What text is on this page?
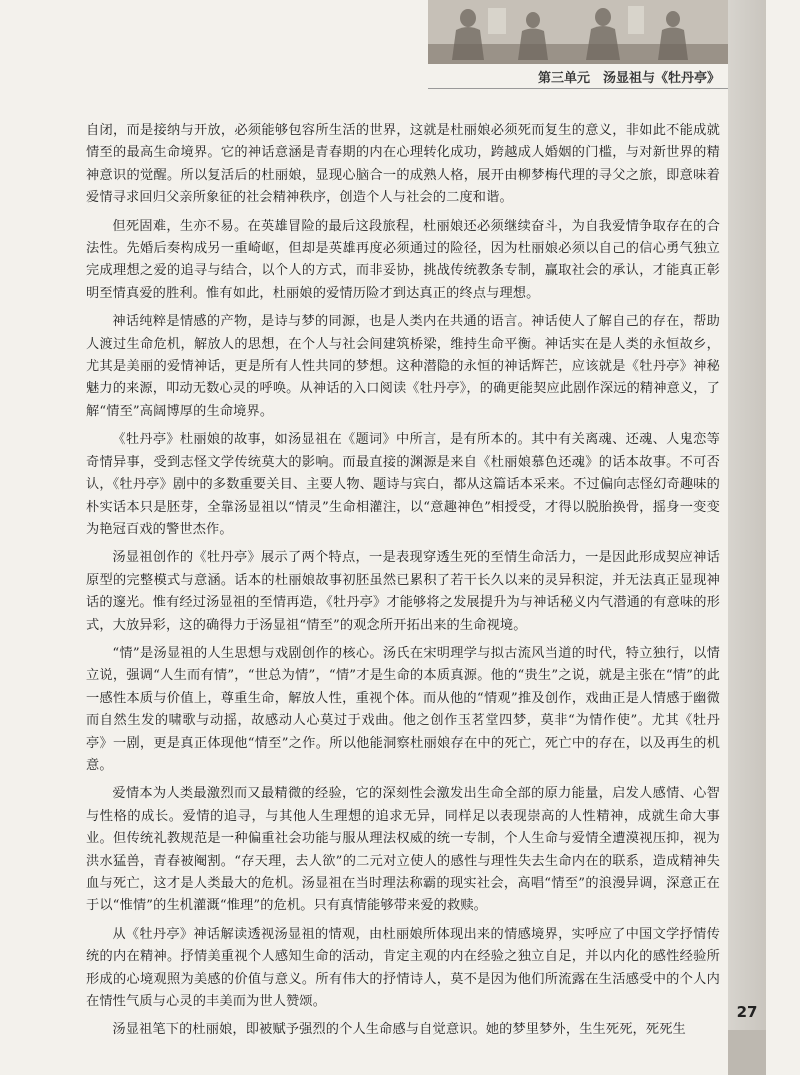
第三单元　汤显祖与《牡丹亭》

自闭，而是接纳与开放，必须能够包容所生活的世界，这就是杜丽娘必须死而复生的意义，非如此不能成就情至的最高生命境界。它的神话意涵是青春期的内在心理转化成功，跨越成人婚姻的门槛，与对新世界的精神意识的觉醒。所以复活后的杜丽娘，显现心脑合一的成熟人格，展开由柳梦梅代理的寻父之旅，即意味着爱情寻求回归父亲所象征的社会精神秩序，创造个人与社会的二度和谐。

但死固难，生亦不易。在英雄冒险的最后这段旅程，杜丽娘还必须继续奋斗，为自我爱情争取存在的合法性。先婚后奏构成另一重崎岖，但却是英雄再度必须通过的险径，因为杜丽娘必须以自己的信心勇气独立完成理想之爱的追寻与结合，以个人的方式，而非妥协，挑战传统教条专制，赢取社会的承认，才能真正彰明至情真爱的胜利。惟有如此，杜丽娘的爱情历险才到达真正的终点与理想。

神话纯粹是情感的产物，是诗与梦的同源，也是人类内在共通的语言。神话使人了解自己的存在，帮助人渡过生命危机，解放人的思想，在个人与社会间建筑桥梁，维持生命平衡。神话实在是人类的永恒故乡，尤其是美丽的爱情神话，更是所有人性共同的梦想。这种潜隐的永恒的神话辉芒，应该就是《牡丹亭》神秘魅力的来源，叩动无数心灵的呼唤。从神话的入口阅读《牡丹亭》，的确更能契应此剧作深远的精神意义，了解“情至”高阔博厚的生命境界。

《牡丹亭》杜丽娘的故事，如汤显祖在《题词》中所言，是有所本的。其中有关离魂、还魂、人鬼恋等奇情异事，受到志怪文学传统莫大的影响。而最直接的渊源是来自《杜丽娘慕色还魂》的话本故事。不可否认，《牡丹亭》剧中的多数重要关目、主要人物、题诗与宾白，都从这篇话本采来。不过偏向志怪幻奇趣味的朴实话本只是胚芽，全靠汤显祖以“情灵”生命相灌注，以“意趣神色”相授受，才得以脱胎换骨，摇身一变变为艳冠百戏的警世杰作。

汤显祖创作的《牡丹亭》展示了两个特点，一是表现穿透生死的至情生命活力，一是因此形成契应神话原型的完整模式与意涵。话本的杜丽娘故事初胚虽然已累积了若干长久以来的灵异积淀，并无法真正显现神话的邃光。惟有经过汤显祖的至情再造，《牡丹亭》才能够将之发展提升为与神话秘义内气潜通的有意味的形式，大放异彩，这的确得力于汤显祖“情至”的观念所开拓出来的生命视境。

“情”是汤显祖的人生思想与戏剧创作的核心。汤氏在宋明理学与拟古流风当道的时代，特立独行，以情立说，强调“人生而有情”，“世总为情”，“情”才是生命的本质真源。他的“贵生”之说，就是主张在“情”的此一感性本质与价值上，尊重生命，解放人性，重视个体。而从他的“情观”推及创作，戏曲正是人情感于幽微而自然生发的啸歌与动摇，故感动人心莫过于戏曲。他之创作玉茗堂四梦，莫非“为情作使”。尤其《牡丹亭》一剧，更是真正体现他“情至”之作。所以他能洞察杜丽娘存在中的死亡，死亡中的存在，以及再生的机意。

爱情本为人类最激烈而又最精微的经验，它的深刻性会激发出生命全部的原力能量，启发人感情、心智与性格的成长。爱情的追寻，与其他人生理想的追求无异，同样足以表现崇高的人性精神，成就生命大事业。但传统礼教规范是一种偏重社会功能与服从理法权威的统一专制，个人生命与爱情全遭漠视压抑，视为洪水猛兽，青春被阉割。“存天理，去人欲”的二元对立使人的感性与理性失去生命内在的联系，造成精神失血与死亡，这才是人类最大的危机。汤显祖在当时理法称霸的现实社会，高唱“情至”的浪漫异调，深意正在于以“惟情”的生机灌溉“惟理”的危机。只有真情能够带来爱的救赎。

从《牡丹亭》神话解读透视汤显祖的情观，由杜丽娘所体现出来的情感境界，实呼应了中国文学抒情传统的内在精神。抒情美重视个人感知生命的活动，肯定主观的内在经验之独立自足，并以内化的感性经验所形成的心境观照为美感的价值与意义。所有伟大的抒情诗人，莫不是因为他们所流露在生活感受中的个人内在情性气质与心灵的丰美而为世人赞颂。

汤显祖笔下的杜丽娘，即被赋予强烈的个人生命感与自觉意识。她的梦里梦外，生生死死，死死生

〜
27
